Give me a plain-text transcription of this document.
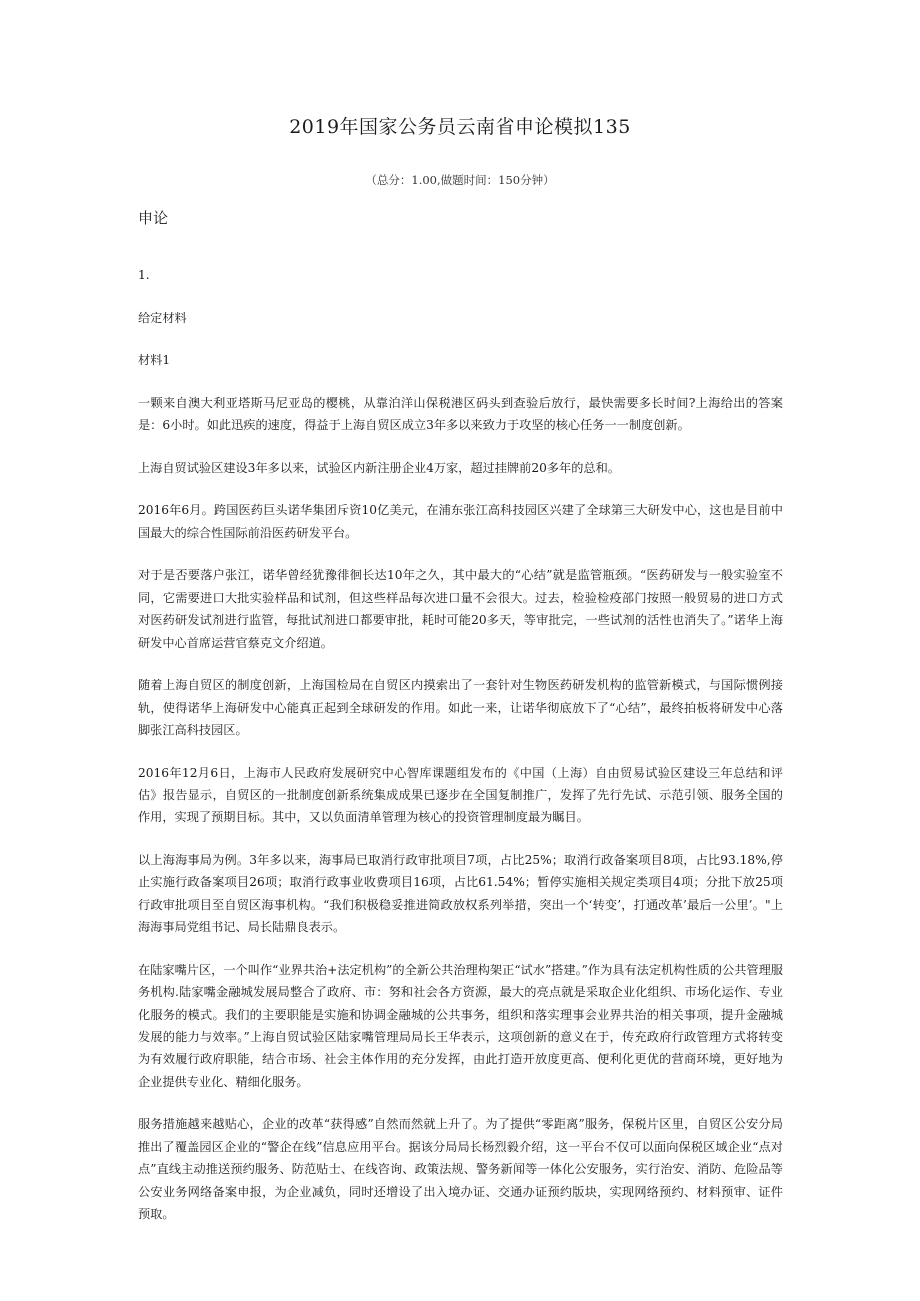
2019年国家公务员云南省申论模拟135
（总分：1.00,做题时间：150分钟）
申论

1.

给定材料

材料1

一颗来自澳大利亚塔斯马尼亚岛的樱桃，从靠泊洋山保税港区码头到查验后放行，最快需要多长时间?上海给出的答案是：6小时。如此迅疾的速度，得益于上海自贸区成立3年多以来致力于攻坚的核心任务一一制度创新。

上海自贸试验区建设3年多以来，试验区内新注册企业4万家，超过挂牌前20多年的总和。

2016年6月。跨国医药巨头诺华集团斥资10亿美元，在浦东张江高科技园区兴建了全球第三大研发中心，这也是目前中国最大的综合性国际前沿医药研发平台。

对于是否要落户张江，诺华曾经犹豫徘徊长达10年之久，其中最大的“心结”就是监管瓶颈。“医药研发与一般实验室不同，它需要进口大批实验样品和试剂，但这些样品每次进口量不会很大。过去，检验检疫部门按照一般贸易的进口方式对医药研发试剂进行监管，每批试剂进口都要审批，耗时可能20多天，等审批完，一些试剂的活性也消失了。”诺华上海研发中心首席运营官蔡克文介绍道。

随着上海自贸区的制度创新，上海国检局在自贸区内摸索出了一套针对生物医药研发机构的监管新模式，与国际惯例接轨，使得诺华上海研发中心能真正起到全球研发的作用。如此一来，让诺华彻底放下了“心结”，最终拍板将研发中心落脚张江高科技园区。

2016年12月6日，上海市人民政府发展研究中心智库课题组发布的《中国（上海）自由贸易试验区建设三年总结和评估》报告显示，自贸区的一批制度创新系统集成成果已逐步在全国复制推广，发挥了先行先试、示范引领、服务全国的作用，实现了预期目标。其中，又以负面清单管理为核心的投资管理制度最为瞩目。

以上海海事局为例。3年多以来，海事局已取消行政审批项目7项，占比25%；取消行政备案项目8项，占比93.18%,停止实施行政备案项目26项；取消行政事业收费项目16项，占比61.54%；暂停实施相关规定类项目4项；分批下放25项行政审批项目至自贸区海事机构。“我们积极稳妥推进简政放权系列举措，突出一个‘转变’，打通改革’最后一公里’。"上海海事局党组书记、局长陆鼎良表示。

在陆家嘴片区，一个叫作“业界共治+法定机构”的全新公共治理构架正“试水”搭建。”作为具有法定机构性质的公共管理服务机构.陆家嘴金融城发展局整合了政府、市：努和社会各方资源，最大的亮点就是采取企业化组织、市场化运作、专业化服务的模式。我们的主要职能是实施和协调金融城的公共事务，组织和落实理事会业界共治的相关事项，提升金融城发展的能力与效率。”上海自贸试验区陆家嘴管理局局长王华表示，这项创新的意义在于，传充政府行政管理方式将转变为有效履行政府职能，结合市场、社会主体作用的充分发挥，由此打造开放度更高、便利化更优的营商环境，更好地为企业提供专业化、精细化服务。

服务措施越来越贴心，企业的改革“获得感”自然而然就上升了。为了提供“零距离”服务，保税片区里，自贸区公安分局推出了覆盖园区企业的“警企在线”信息应用平台。据该分局局长杨烈毅介绍，这一平台不仅可以面向保税区域企业“点对点”直线主动推送预约服务、防范贴士、在线咨询、政策法规、警务新闻等一体化公安服务，实行治安、消防、危险品等公安业务网络备案申报，为企业减负，同时还增设了出入境办证、交通办证预约版块，实现网络预约、材料预审、证件预取。
